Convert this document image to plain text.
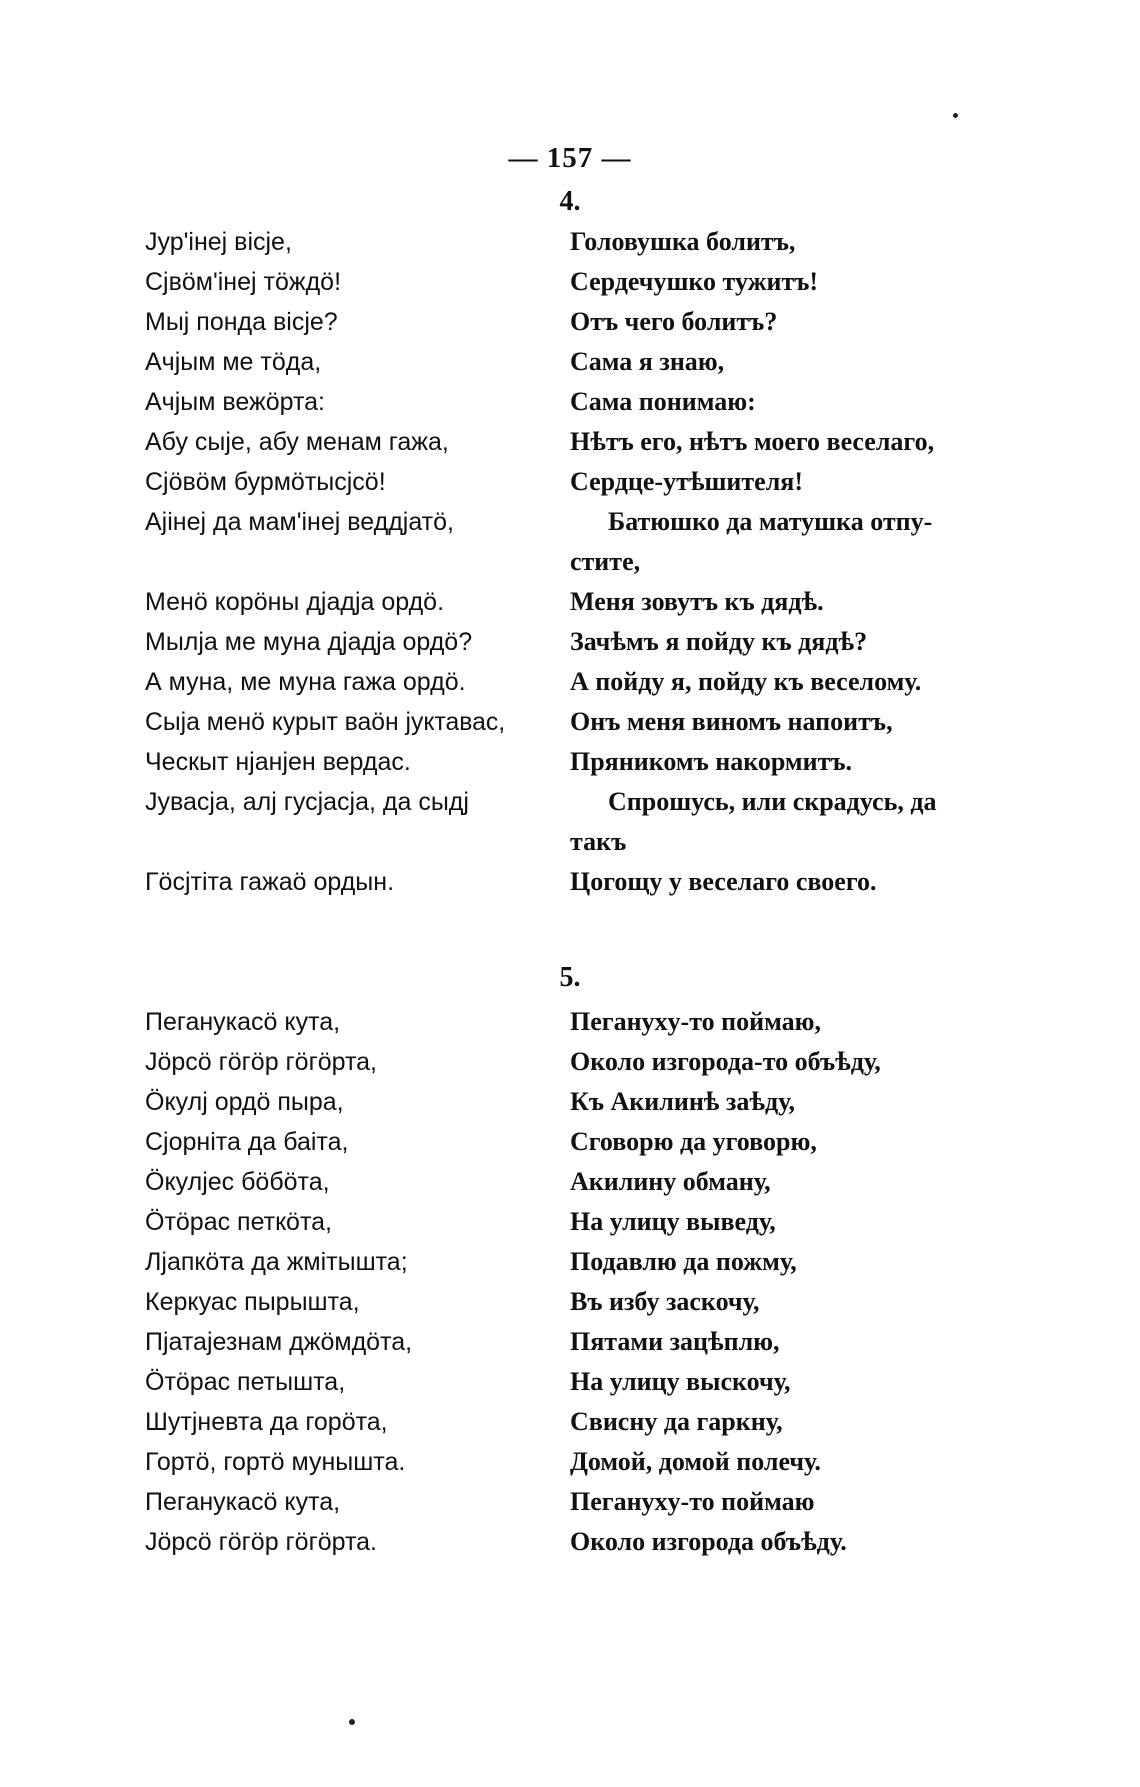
— 157 —
4.
Јур'інеј вісје,
Сјвöм'інеј тöждö!
Мыј понда вісје?
Ачјым ме тöда,
Ачјым вежöрта:
Абу сыје, абу менам гажа,
Сјöвöм бурмöтысјсö!
Ајінеј да мам'інеј веддјатö,
Менö корöны дјадја ордö.
Мылја ме муна дјадја ордö?
А муна, ме муна гажа ордö.
Сыја менö курыт ваöн јуктавас,
Ческыт нјанјен вердас.
Јувасја, алј гусјасја, да сыдј
Гöсјтіта гажаö ордын.
Головушка болитъ,
Сердечушко тужитъ!
Отъ чего болитъ?
Сама я знаю,
Сама понимаю:
Нѣтъ его, нѣтъ моего веселаго,
Сердце-утѣшителя!
Батюшко да матушка отпу-
стите,
Меня зовутъ къ дядѣ.
Зачѣмъ я пойду къ дядѣ?
А пойду я, пойду къ веселому.
Онъ меня виномъ напоитъ,
Пряникомъ накормитъ.
Спрошусь, или скрадусь, да
такъ
Цогощу у веселаго своего.
5.
Пеганукасö кута,
Јöрсö гöгöр гöгöрта,
Öкулј ордö пыра,
Сјорніта да баіта,
Öкулјес бöбöта,
Öтöрас петкöта,
Лјапкöта да жмітышта;
Керкуас пырышта,
Пјатајезнам джöмдöта,
Öтöрас петышта,
Шутјневта да горöта,
Гортö, гортö мунышта.
Пеганукасö кута,
Јöрсö гöгöр гöгöрта.
Пеганухy-то поймаю,
Около изгорода-то объѣду,
Къ Акилинѣ заѣду,
Сговорю да уговорю,
Акилину обману,
На улицу выведу,
Подавлю да пожму,
Въ избу заскочу,
Пятами зацѣплю,
На улицу выскочу,
Свисну да гаркну,
Домой, домой полечу.
Пеганухy-то поймаю
Около изгорода объѣду.
